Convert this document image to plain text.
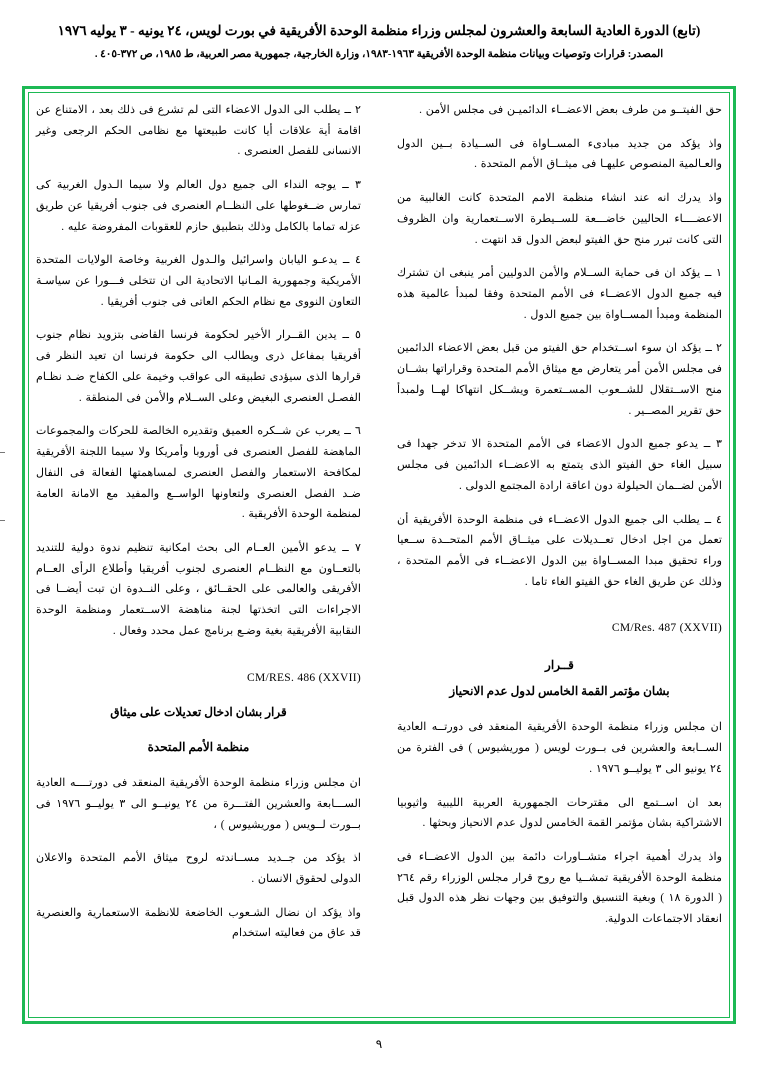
(تابع) الدورة العادية السابعة والعشرون لمجلس وزراء منظمة الوحدة الأفريقية في بورت لويس، ٢٤ يونيه - ٣ يوليه ١٩٧٦
المصدر: قرارات وتوصيات وبيانات منظمة الوحدة الأفريقية ١٩٦٣-١٩٨٣، وزارة الخارجية، جمهورية مصر العربية، ط ١٩٨٥، ص ٣٧٢-٤٠٥ .

حق الفيتــو من طرف بعض الاعضــاء الدائميـن فى مجلس الأمن .

واذ يؤكد من جديد مبادىء المســاواة فى الســيادة بــين الدول والعـالمية المنصوص عليهـا فى ميثــاق الأمم المتحدة .

واذ يدرك انه عند انشاء منظمة الامم المتحدة كانت الغالبية من الاعضــــاء الحاليين خاضـــعة للســيطرة الاســتعمارية وان الظروف التى كانت تبرر منح حق الفيتو لبعض الدول قد انتهت .

١ ــ يؤكد ان فى حماية الســلام والأمن الدوليين أمر ينبغى ان تشترك فيه جميع الدول الاعضــاء فى الأمم المتحدة وفقا لمبدأ عالمية هذه المنظمة ومبدأ المســاواة بين جميع الدول .

٢ ــ يؤكد ان سوء اســتخدام حق الفيتو من قبل بعض الاعضاء الدائمين فى مجلس الأمن أمر يتعارض مع ميثاق الأمم المتحدة وقراراتها بشــان منح الاســتقلال للشــعوب المســتعمرة ويشــكل انتهاكا لهــا ولمبدأ حق تقرير المصــير .

٣ ــ يدعو جميع الدول الاعضاء فى الأمم المتحدة الا تدخر جهدا فى سبيل الغاء حق الفيتو الذى يتمتع به الاعضــاء الدائمين فى مجلس الأمن لضــمان الحيلولة دون اعاقة ارادة المجتمع الدولى .

٤ ــ يطلب الى جميع الدول الاعضــاء فى منظمة الوحدة الأفريقية أن تعمل من اجل ادخال تعــديلات على ميثــاق الأمم المتحــدة ســعيا وراء تحقيق مبدا المســاواة بين الدول الاعضــاء فى الأمم المتحدة ، وذلك عن طريق الغاء حق الفيتو الغاء تاما .

CM/Res. 487 (XXVII)
قــرار
بشان مؤتمر القمة الخامس لدول عدم الانحياز

ان مجلس وزراء منظمة الوحدة الأفريقية المنعقد فى دورتــه العادية الســابعة والعشرين فى بــورت لويس ( موريشيوس ) فى الفترة من ٢٤ يونيو الى ٣ يوليــو ١٩٧٦ .

بعد ان اســتمع الى مقترحات الجمهورية العربية الليبية واثيوبيا الاشتراكية بشان مؤتمر القمة الخامس لدول عدم الانحياز وبحثها .

واذ يدرك أهمية اجراء متشــاورات دائمة بين الدول الاعضــاء فى منظمة الوحدة الأفريقية تمشــيا مع روح قرار مجلس الوزراء رقم ٢٦٤ ( الدورة ١٨ ) وبغية التنسيق والتوفيق بين وجهات نظر هذه الدول قبل انعقاد الاجتماعات الدولية.

٢ ــ يطلب الى الدول الاعضاء التى لم تشرع فى ذلك بعد ، الامتناع عن اقامة أية علاقات أيا كانت طبيعتها مع نظامى الحكم الرجعى وغير الانسانى للفصل العنصرى .

٣ ــ يوجه النداء الى جميع دول العالم ولا سيما الـدول الغربية كى تمارس ضــغوطها على النظــام العنصرى فى جنوب أفريقيا عن طريق عزله تماما بالكامل وذلك بتطبيق حازم للعقوبات المفروضة عليه .

٤ ــ يدعـو اليابان واسرائيل والـدول الغربية وخاصة الولايات المتحدة الأمريكية وجمهورية المـانيا الاتحادية الى ان تتخلى فـــورا عن سياسـة التعاون النووى مع نظام الحكم العاتى فى جنوب أفريقيا .

٥ ــ يدين القــرار الأخير لحكومة فرنسا القاضى بتزويد نظام جنوب أفريقيا بمفاعل ذرى ويطالب الى حكومة فرنسا ان تعيد النظر فى قرارها الذى سيؤدى تطبيقه الى عواقب وخيمة على الكفاح ضـد نظـام الفصـل العنصرى البغيض وعلى الســلام والأمن فى المنطقة .

٦ ــ يعرب عن شــكره العميق وتقديره الخالصة للحركات والمجموعات الماهضة للفصل العنصرى فى أوروبا وأمريكا ولا سيما اللجنة الأفريقية لمكافحة الاستعمار والفصل العنصرى لمساهمتها الفعالة فى النفال ضـد الفصل العنصرى ولتعاونها الواســع والمفيد مع الامانة العامة لمنظمة الوحدة الأفريقية .

٧ ــ يدعو الأمين العــام الى بحث امكانية تنظيم ندوة دولية للتنديد بالتعــاون مع النظــام العنصرى لجنوب أفريقيا وأطلاع الرأى العــام الأفريقى والعالمى على الحقــائق ، وعلى النــدوة ان تبت أيضــا فى الاجراءات التى اتخذتها لجنة مناهضة الاســتعمار ومنظمة الوحدة النقابية الأفريقية بغية وضـع برنامج عمل محدد وفعال .

CM/RES. 486 (XXVII)
قرار بشان ادخال تعديلات على ميثاق
منظمة الأمم المتحدة

ان مجلس وزراء منظمة الوحدة الأفريقية المنعقد فى دورتــــه العادية الســـابعة والعشرين الفتـــرة من ٢٤ يونيــو الى ٣ يوليــو ١٩٧٦ فى بــورت لــويس ( موريشيوس ) ،

اذ يؤكد من جــديد مســاندته لروح ميثاق الأمم المتحدة والاعلان الدولى لحقوق الانسان .

واذ يؤكد ان نضال الشـعوب الخاضعة للانظمة الاستعمارية والعنصرية قد عاق من فعاليته استخدام

٩
